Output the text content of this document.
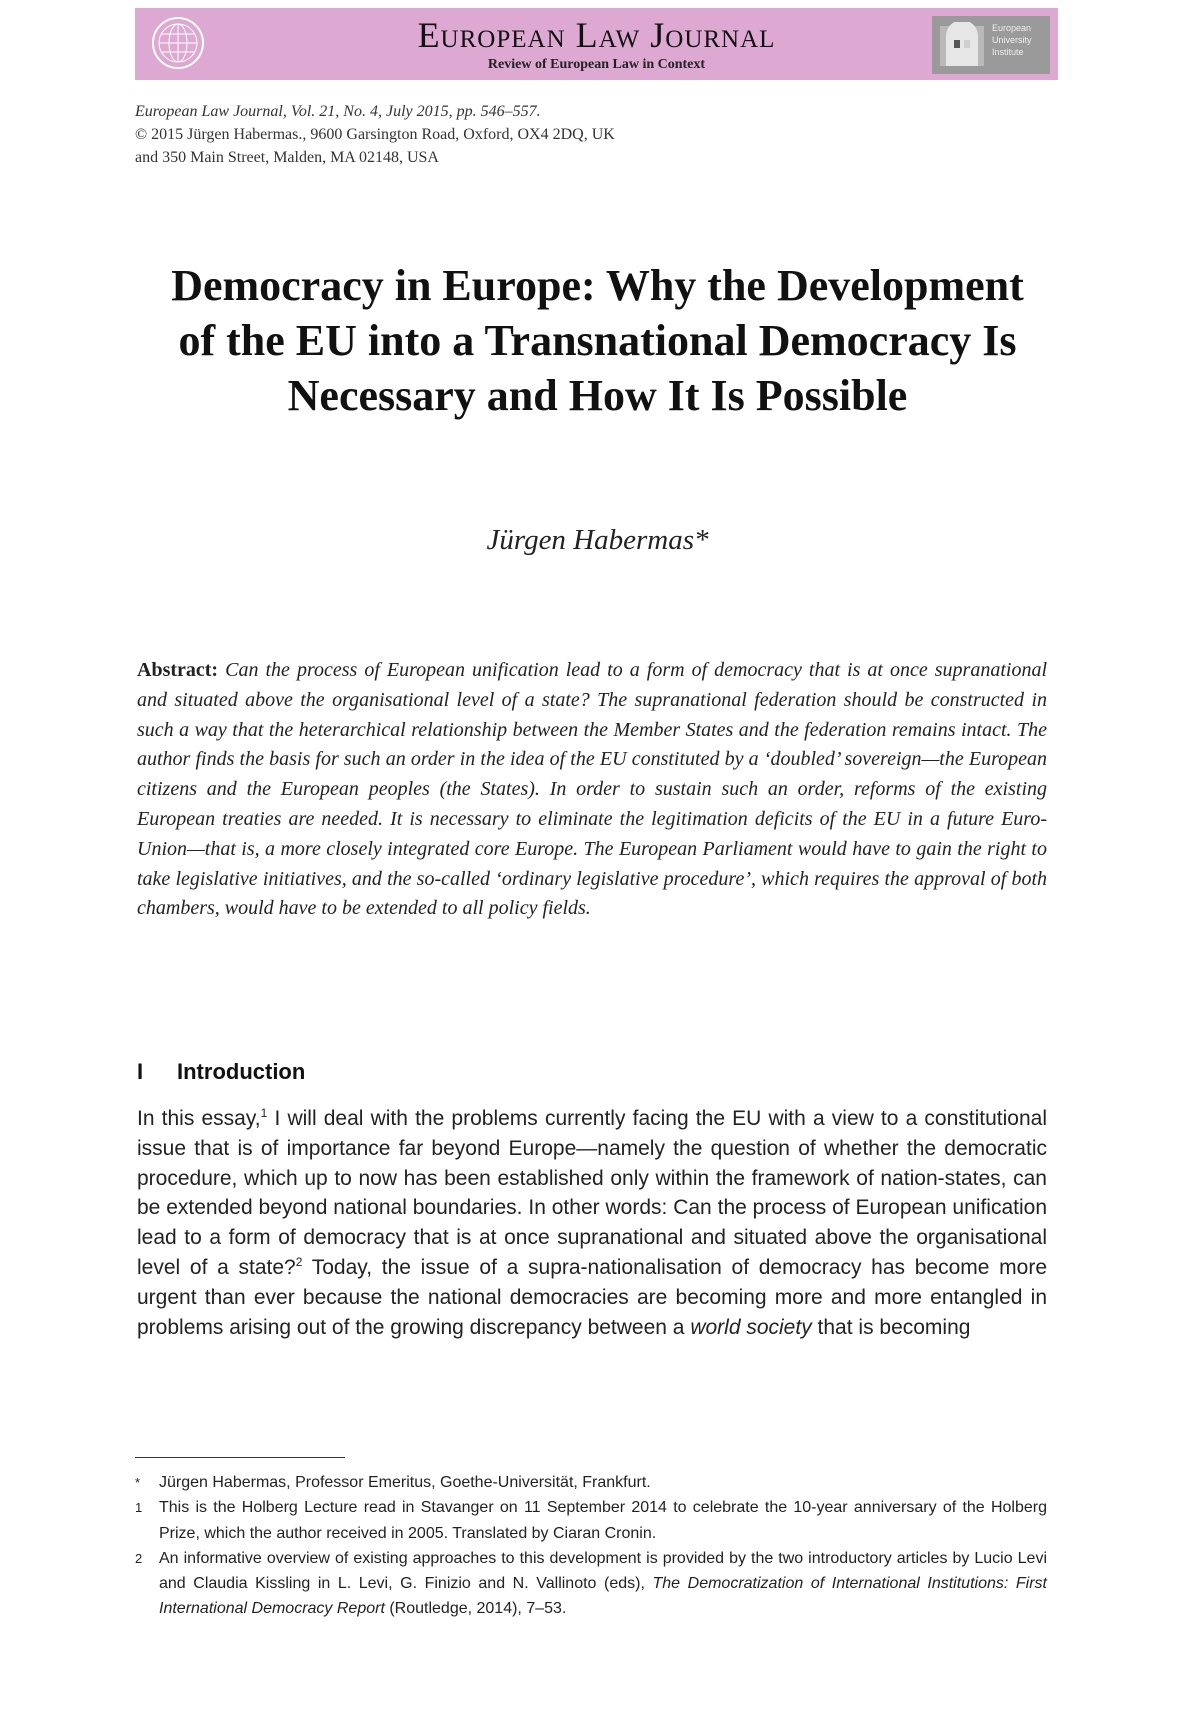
European Law Journal
Review of European Law in Context
European University Institute
European Law Journal, Vol. 21, No. 4, July 2015, pp. 546–557.
© 2015 Jürgen Habermas., 9600 Garsington Road, Oxford, OX4 2DQ, UK
and 350 Main Street, Malden, MA 02148, USA
Democracy in Europe: Why the Development of the EU into a Transnational Democracy Is Necessary and How It Is Possible
Jürgen Habermas*
Abstract: Can the process of European unification lead to a form of democracy that is at once supranational and situated above the organisational level of a state? The supranational federation should be constructed in such a way that the heterarchical relationship between the Member States and the federation remains intact. The author finds the basis for such an order in the idea of the EU constituted by a ‘doubled’ sovereign—the European citizens and the European peoples (the States). In order to sustain such an order, reforms of the existing European treaties are needed. It is necessary to eliminate the legitimation deficits of the EU in a future Euro-Union—that is, a more closely integrated core Europe. The European Parliament would have to gain the right to take legislative initiatives, and the so-called ‘ordinary legislative procedure’, which requires the approval of both chambers, would have to be extended to all policy fields.
I Introduction
In this essay,$^1$ I will deal with the problems currently facing the EU with a view to a constitutional issue that is of importance far beyond Europe—namely the question of whether the democratic procedure, which up to now has been established only within the framework of nation-states, can be extended beyond national boundaries. In other words: Can the process of European unification lead to a form of democracy that is at once supranational and situated above the organisational level of a state?$^2$ Today, the issue of a supra-nationalisation of democracy has become more urgent than ever because the national democracies are becoming more and more entangled in problems arising out of the growing discrepancy between a world society that is becoming
*	Jürgen Habermas, Professor Emeritus, Goethe-Universität, Frankfurt.
1	This is the Holberg Lecture read in Stavanger on 11 September 2014 to celebrate the 10-year anniversary of the Holberg Prize, which the author received in 2005. Translated by Ciaran Cronin.
2	An informative overview of existing approaches to this development is provided by the two introductory articles by Lucio Levi and Claudia Kissling in L. Levi, G. Finizio and N. Vallinoto (eds), The Democratization of International Institutions: First International Democracy Report (Routledge, 2014), 7–53.
